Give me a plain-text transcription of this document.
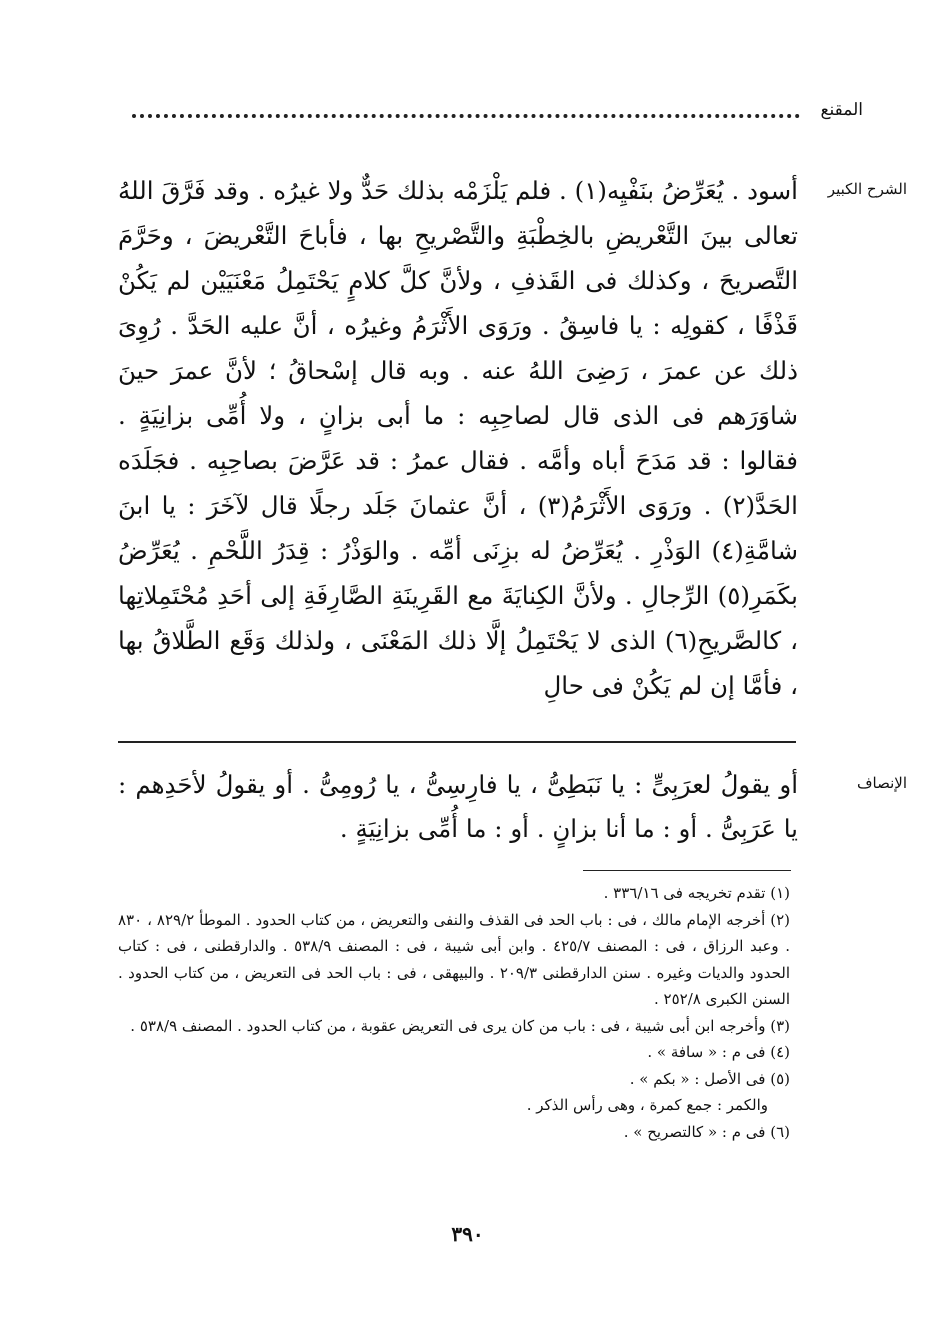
المقنع
الشرح الكبير

أسود . يُعَرِّضُ بنَفْيِه(١) . فلم يَلْزَمْه بذلك حَدٌّ ولا غيرُه . وقد فَرَّقَ اللهُ تعالى بينَ التَّعْريضِ بالخِطْبَةِ والتَّصْريحِ بها ، فأباحَ التَّعْريضَ ، وحَرَّمَ التَّصريحَ ، وكذلك فى القَذفِ ، ولأنَّ كلَّ كلامٍ يَحْتَمِلُ مَعْنَيَيْن لم يَكُنْ قَذْفًا ، كقولِه : يا فاسِقُ . ورَوَى الأَثْرَمُ وغيرُه ، أنَّ عليه الحَدَّ . رُوِىَ ذلك عن عمرَ ، رَضِىَ اللهُ عنه . وبه قال إسْحاقُ ؛ لأنَّ عمرَ حينَ شاوَرَهم فى الذى قال لصاحِبِه : ما أبى بزانٍ ، ولا أُمِّى بزانِيَةٍ . فقالوا : قد مَدَحَ أباه وأمَّه . فقال عمرُ : قد عَرَّضَ بصاحِبِه . فجَلَدَه الحَدَّ(٢) . ورَوَى الأَثْرَمُ(٣) ، أنَّ عثمانَ جَلَد رجلًا قال لآخَرَ : يا ابنَ شامَّةِ(٤) الوَذْرِ . يُعَرِّضُ له بزِنَى أمِّه . والوَذْرُ : قِدَرُ اللَّحْمِ . يُعَرِّضُ بكَمَرِ(٥) الرِّجالِ . ولأنَّ الكِنايَةَ مع القَرِينَةِ الصَّارِفَةِ إلى أحَدِ مُحْتَمِلاتِها ، كالصَّريحِ(٦) الذى لا يَحْتَمِلُ إلَّا ذلك المَعْنَى ، ولذلك وَقَع الطَّلاقُ بها ، فأمَّا إن لم يَكُنْ فى حالِ

الإنصاف

أو يقولُ لعرَبِىٍّ : يا نَبَطِىُّ ، يا فارِسِىُّ ، يا رُومِىُّ . أو يقولُ لأحَدِهم : يا عَرَبِىُّ . أو : ما أنا بزانٍ . أو : ما أُمِّى بزانِيَةٍ .

(١) تقدم تخريجه فى ٣٣٦/١٦ .

(٢) أخرجه الإمام مالك ، فى : باب الحد فى القذف والنفى والتعريض ، من كتاب الحدود . الموطأ ٨٢٩/٢ ، ٨٣٠ . وعبد الرزاق ، فى : المصنف ٤٢٥/٧ . وابن أبى شيبة ، فى : المصنف ٥٣٨/٩ . والدارقطنى ، فى : كتاب الحدود والديات وغيره . سنن الدارقطنى ٢٠٩/٣ . والبيهقى ، فى : باب الحد فى التعريض ، من كتاب الحدود . السنن الكبرى ٢٥٢/٨ .

(٣) وأخرجه ابن أبى شيبة ، فى : باب من كان يرى فى التعريض عقوبة ، من كتاب الحدود . المصنف ٥٣٨/٩ .

(٤) فى م : « سافة » .

(٥) فى الأصل : « بكم » .

والكمر : جمع كمرة ، وهى رأس الذكر .

(٦) فى م : « كالتصريح » .

٣٩٠
